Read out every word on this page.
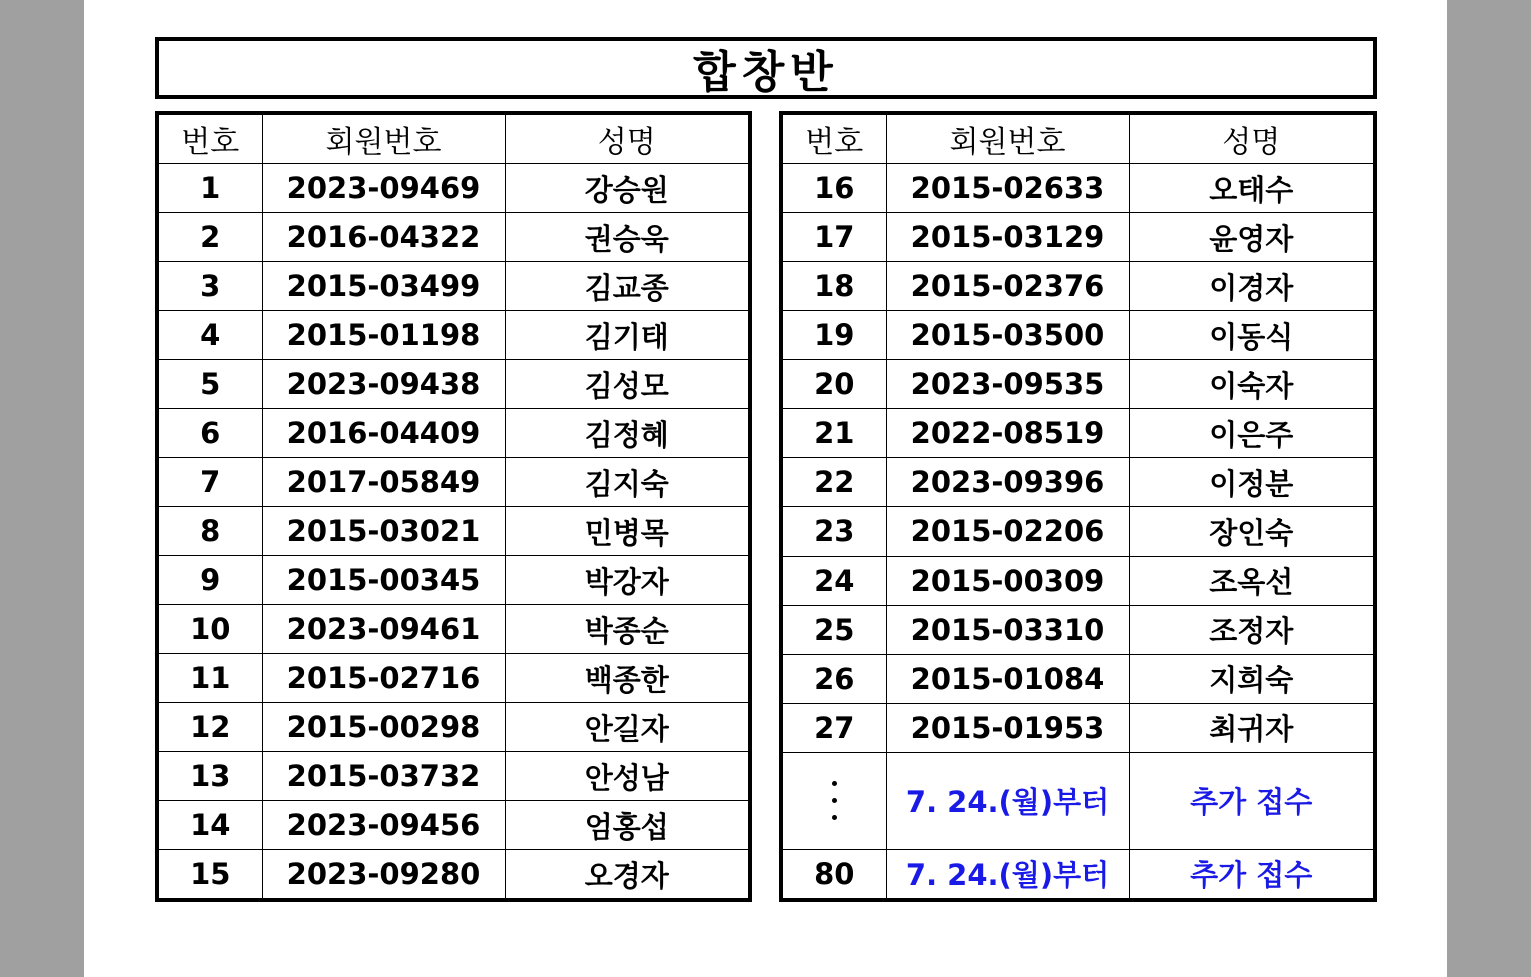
합창반
번호	회원번호	성명
1	2023-09469	강승원
2	2016-04322	권승욱
3	2015-03499	김교종
4	2015-01198	김기태
5	2023-09438	김성모
6	2016-04409	김정혜
7	2017-05849	김지숙
8	2015-03021	민병목
9	2015-00345	박강자
10	2023-09461	박종순
11	2015-02716	백종한
12	2015-00298	안길자
13	2015-03732	안성남
14	2023-09456	엄홍섭
15	2023-09280	오경자
번호	회원번호	성명
16	2015-02633	오태수
17	2015-03129	윤영자
18	2015-02376	이경자
19	2015-03500	이동식
20	2023-09535	이숙자
21	2022-08519	이은주
22	2023-09396	이정분
23	2015-02206	장인숙
24	2015-00309	조옥선
25	2015-03310	조정자
26	2015-01084	지희숙
27	2015-01953	최귀자

	7. 24.(월)부터	추가 접수
80	7. 24.(월)부터	추가 접수
